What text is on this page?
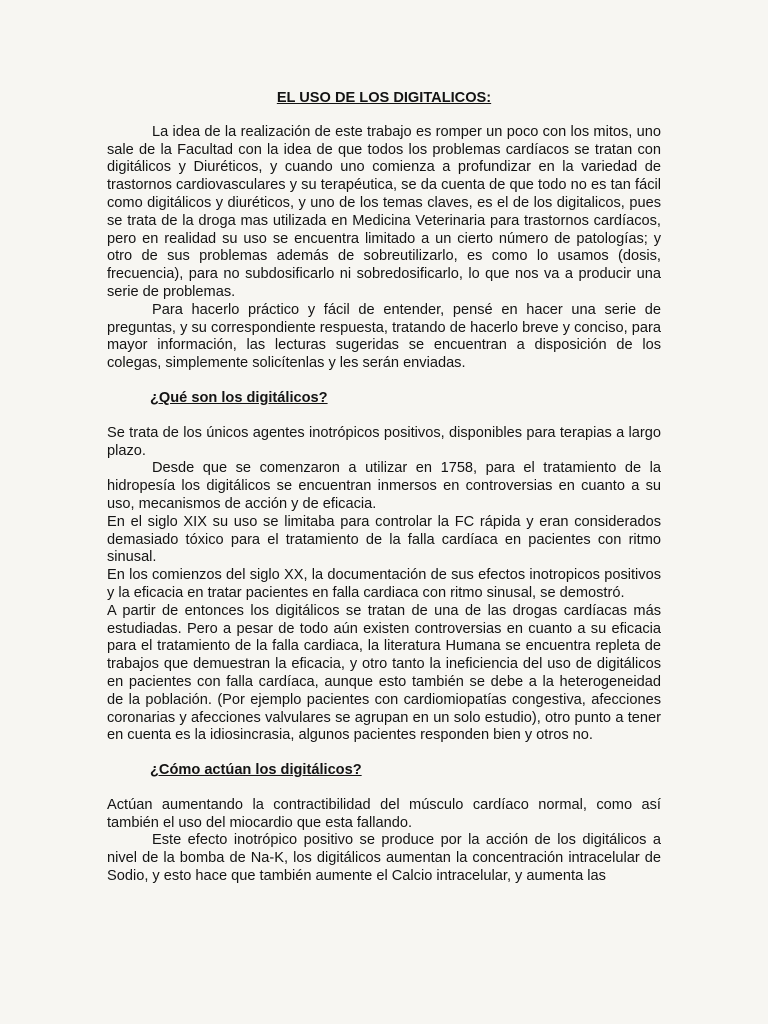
EL USO DE LOS DIGITALICOS:

La idea de la realización de este trabajo es romper un poco con los mitos, uno sale de la Facultad con la idea de que todos los problemas cardíacos se tratan con digitálicos y Diuréticos, y cuando uno comienza a profundizar en la variedad de trastornos cardiovasculares y su terapéutica, se da cuenta de que todo no es tan fácil como digitálicos y diuréticos, y uno de los temas claves, es el de los digitalicos, pues se trata de la droga mas utilizada en Medicina Veterinaria para trastornos cardíacos, pero en realidad su uso se encuentra limitado a un cierto número de patologías; y otro de sus problemas además de sobreutilizarlo, es como lo usamos (dosis, frecuencia), para no subdosificarlo ni sobredosificarlo, lo que nos va a producir una serie de problemas.

Para hacerlo práctico y fácil de entender, pensé en hacer una serie de preguntas, y su correspondiente respuesta, tratando de hacerlo breve y conciso, para mayor información, las lecturas sugeridas se encuentran a disposición de los colegas, simplemente solicítenlas y les serán enviadas.

¿Qué son los digitálicos?

Se trata de los únicos agentes inotrópicos positivos, disponibles para terapias a largo plazo.

Desde que se comenzaron a utilizar en 1758, para el tratamiento de la hidropesía los digitálicos se encuentran inmersos en controversias en cuanto a su uso, mecanismos de acción y de eficacia.

En el siglo XIX su uso se limitaba para controlar la FC rápida y eran considerados demasiado tóxico para el tratamiento de la falla cardíaca en pacientes con ritmo sinusal.

En los comienzos del siglo XX, la documentación de sus efectos inotropicos positivos y la eficacia en tratar pacientes en falla cardiaca con ritmo sinusal, se demostró.

A partir de entonces los digitálicos se tratan de una de las drogas cardíacas más estudiadas. Pero a pesar de todo aún existen controversias en cuanto a su eficacia para el tratamiento de la falla cardiaca, la literatura Humana se encuentra repleta de trabajos que demuestran la eficacia, y otro tanto la ineficiencia del uso de digitálicos en pacientes con falla cardíaca, aunque esto también se debe a la heterogeneidad de la población. (Por ejemplo pacientes con cardiomiopatías congestiva, afecciones coronarias y afecciones valvulares se agrupan en un solo estudio), otro punto a tener en cuenta es la idiosincrasia, algunos pacientes responden bien y otros no.

¿Cómo actúan los digitálicos?

Actúan aumentando la contractibilidad del músculo cardíaco normal, como así también el uso del miocardio que esta fallando.

Este efecto inotrópico positivo se produce por la acción de los digitálicos a nivel de la bomba de Na-K, los digitálicos aumentan la concentración intracelular de Sodio, y esto hace que también aumente el Calcio intracelular, y aumenta las
